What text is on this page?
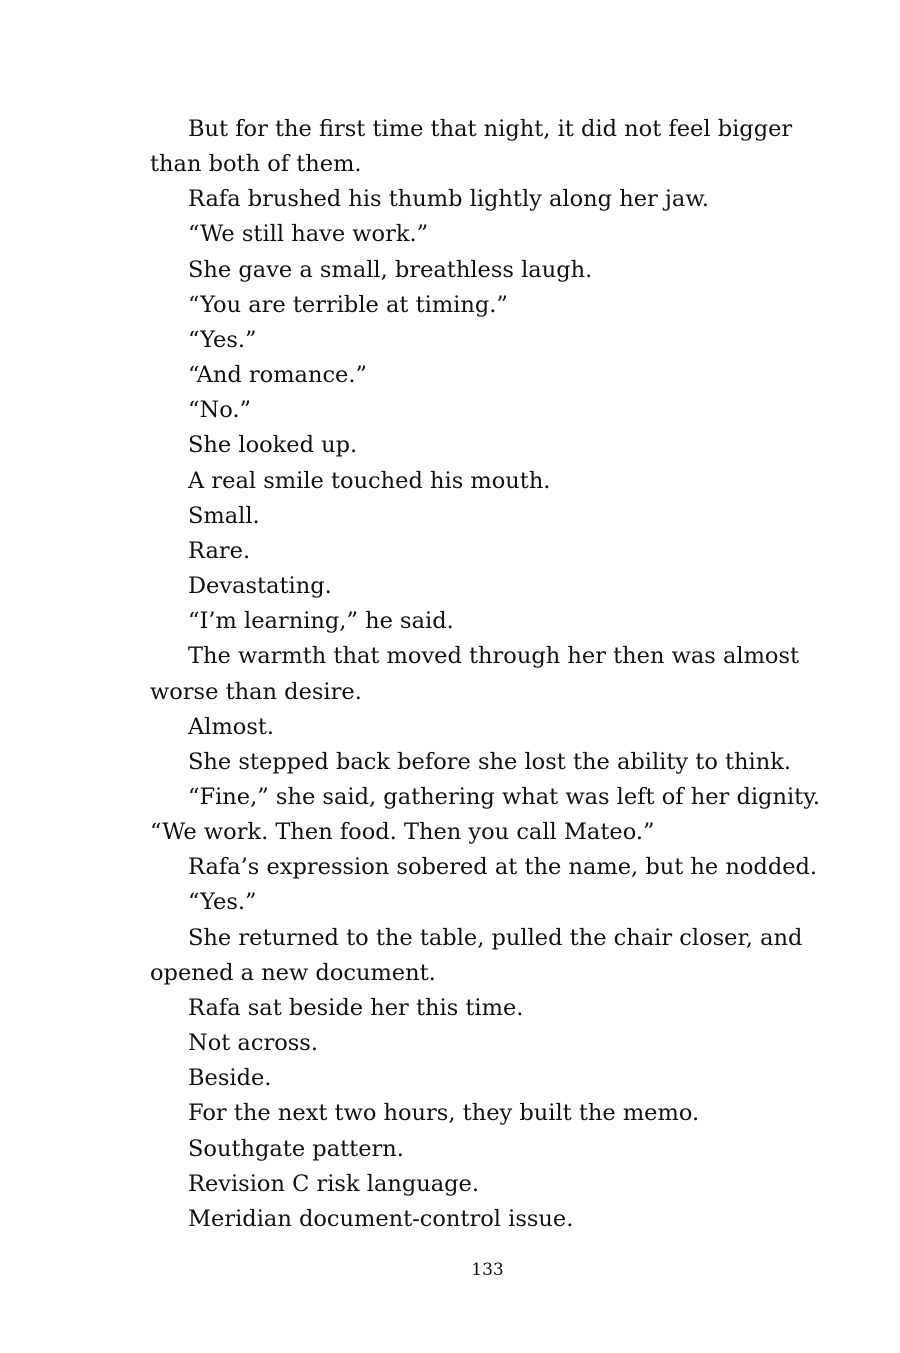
But for the first time that night, it did not feel bigger
than both of them.

Rafa brushed his thumb lightly along her jaw.

“We still have work.”

She gave a small, breathless laugh.

“You are terrible at timing.”

“Yes.”

“And romance.”

“No.”

She looked up.

A real smile touched his mouth.

Small.

Rare.

Devastating.

“I’m learning,” he said.

The warmth that moved through her then was almost
worse than desire.

Almost.

She stepped back before she lost the ability to think.

“Fine,” she said, gathering what was left of her dignity.
“We work. Then food. Then you call Mateo.”

Rafa’s expression sobered at the name, but he nodded.

“Yes.”

She returned to the table, pulled the chair closer, and
opened a new document.

Rafa sat beside her this time.

Not across.

Beside.

For the next two hours, they built the memo.

Southgate pattern.

Revision C risk language.

Meridian document-control issue.

133
